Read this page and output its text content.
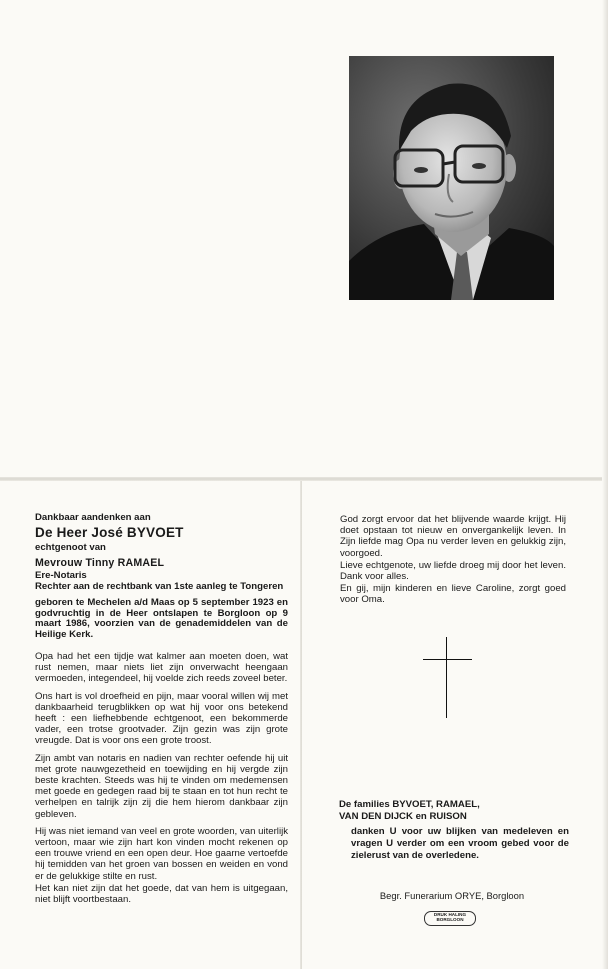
Dankbaar aandenken aan
De Heer José BYVOET
echtgenoot van
Mevrouw Tinny RAMAEL
Ere-Notaris
Rechter aan de rechtbank van 1ste aanleg te Tongeren
geboren te Mechelen a/d Maas op 5 september 1923 en godvruchtig in de Heer ontslapen te Borgloon op 9 maart 1986, voorzien van de genademiddelen van de Heilige Kerk.

Opa had het een tijdje wat kalmer aan moeten doen, wat rust nemen, maar niets liet zijn onverwacht heengaan vermoeden, integendeel, hij voelde zich reeds zoveel beter.

Ons hart is vol droefheid en pijn, maar vooral willen wij met dankbaarheid terugblikken op wat hij voor ons betekend heeft : een liefhebbende echtgenoot, een bekommerde vader, een trotse grootvader. Zijn gezin was zijn grote vreugde. Dat is voor ons een grote troost.

Zijn ambt van notaris en nadien van rechter oefende hij uit met grote nauwgezetheid en toewijding en hij vergde zijn beste krachten. Steeds was hij te vinden om medemensen met goede en gedegen raad bij te staan en tot hun recht te verhelpen en talrijk zijn zij die hem hierom dankbaar zijn gebleven.

Hij was niet iemand van veel en grote woorden, van uiterlijk vertoon, maar wie zijn hart kon vinden mocht rekenen op een trouwe vriend en een open deur. Hoe gaarne vertoefde hij temidden van het groen van bossen en weiden en vond er de gelukkige stilte en rust.

Het kan niet zijn dat het goede, dat van hem is uitgegaan, niet blijft voortbestaan.

God zorgt ervoor dat het blijvende waarde krijgt. Hij doet opstaan tot nieuw en onvergankelijk leven. In Zijn liefde mag Opa nu verder leven en gelukkig zijn, voorgoed.

Lieve echtgenote, uw liefde droeg mij door het leven. Dank voor alles.

En gij, mijn kinderen en lieve Caroline, zorgt goed voor Oma.

De families BYVOET, RAMAEL,
VAN DEN DIJCK en RUISON
danken U voor uw blijken van medeleven en vragen U verder om een vroom gebed voor de zielerust van de overledene.
Begr. Funerarium ORYE, Borgloon
DRUK HALING
BORGLOON
